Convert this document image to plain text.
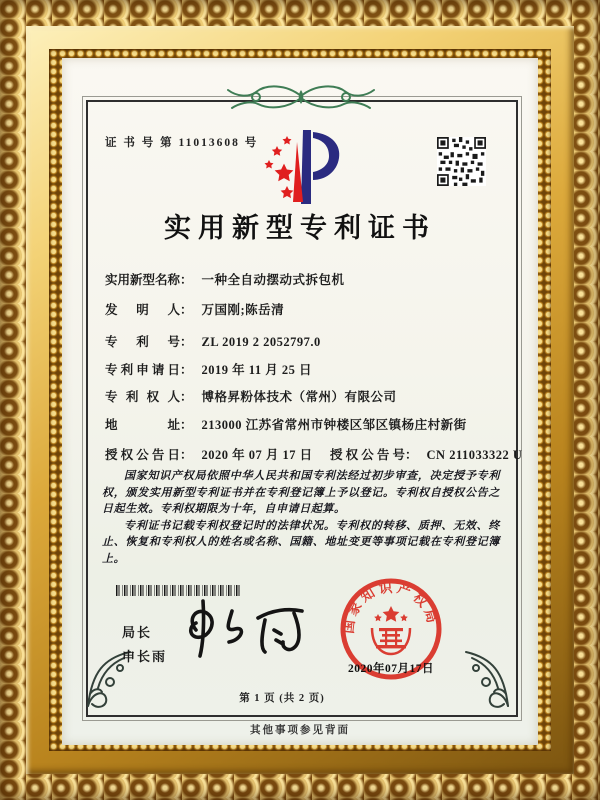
证 书 号 第 11013608 号
实用新型专利证书
实用新型名称： 一种全自动摆动式拆包机
发明人： 万国刚;陈岳清
专利号： ZL 2019 2 2052797.0
专利申请日： 2019 年 11 月 25 日
专利权人： 博格昇粉体技术（常州）有限公司
地址： 213000 江苏省常州市钟楼区邹区镇杨庄村新街
授权公告日： 2020 年 07 月 17 日 授权公告号： CN 211033322 U

国家知识产权局依照中华人民共和国专利法经过初步审查，决定授予专利权，颁发实用新型专利证书并在专利登记簿上予以登记。专利权自授权公告之日起生效。专利权期限为十年，自申请日起算。

专利证书记载专利权登记时的法律状况。专利权的转移、质押、无效、终止、恢复和专利权人的姓名或名称、国籍、地址变更等事项记载在专利登记簿上。

局长
申长雨
国家知识产权局
2020年07月17日
第 1 页 (共 2 页)
其他事项参见背面
